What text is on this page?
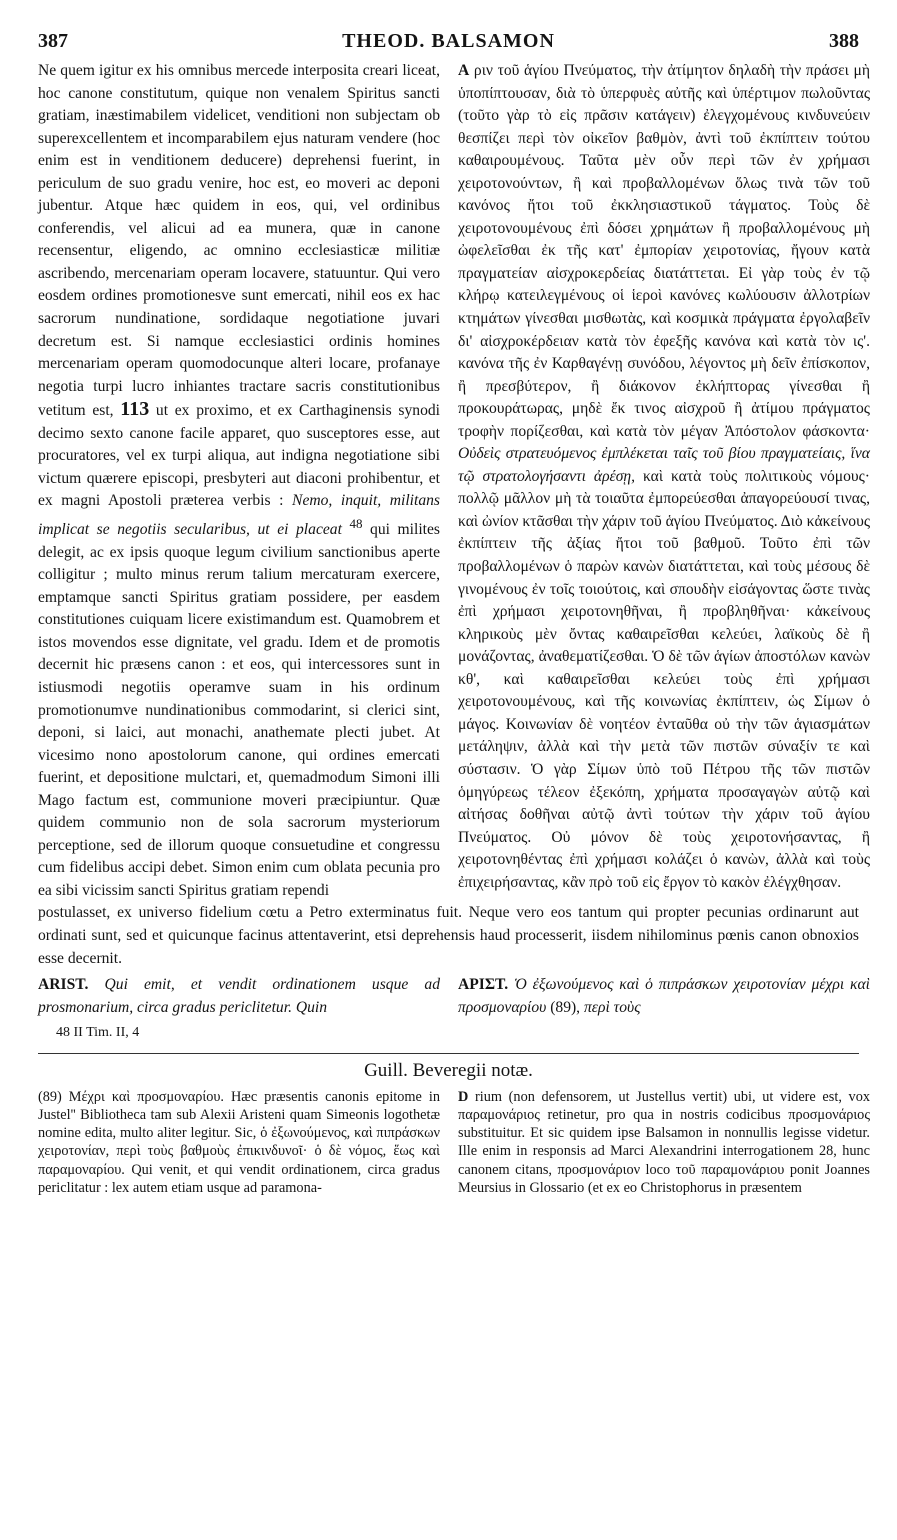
387	THEOD. BALSAMON	388

Ne quem igitur ex his omnibus mercede interposita creari liceat, hoc canone constitutum, quique non venalem Spiritus sancti gratiam, inæstimabilem videlicet, venditioni non subjectam ob superexcellentem et incomparabilem ejus naturam vendere (hoc enim est in venditionem deducere) deprehensi fuerint, in periculum de suo gradu venire, hoc est, eo moveri ac deponi jubentur. Atque hæc quidem in eos, qui, vel ordinibus conferendis, vel alicui ad ea munera, quæ in canone recensentur, eligendo, ac omnino ecclesiasticæ militiæ ascribendo, mercenariam operam locavere, statuuntur. Qui vero eosdem ordines promotionesve sunt emercati, nihil eos ex hac sacrorum nundinatione, sordidaque negotiatione juvari decretum est. Si namque ecclesiastici ordinis homines mercenariam operam quomodocunque alteri locare, profanaye negotia turpi lucro inhiantes tractare sacris constitutionibus vetitum est, 113 ut ex proximo, et ex Carthaginensis synodi decimo sexto canone facile apparet, quo susceptores esse, aut procuratores, vel ex turpi aliqua, aut indigna negotiatione sibi victum quærere episcopi, presbyteri aut diaconi prohibentur, et ex magni Apostoli præterea verbis : Nemo, inquit, militans implicat se negotiis secularibus, ut ei placeat $^{48}$ qui milites delegit, ac ex ipsis quoque legum civilium sanctionibus aperte colligitur ; multo minus rerum talium mercaturam exercere, emptamque sancti Spiritus gratiam possidere, per easdem constitutiones cuiquam licere existimandum est. Quamobrem et istos movendos esse dignitate, vel gradu. Idem et de promotis decernit hic præsens canon : et eos, qui intercessores sunt in istiusmodi negotiis operamve suam in his ordinum promotionumve nundinationibus commodarint, si clerici sint, deponi, si laici, aut monachi, anathemate plecti jubet. At vicesimo nono apostolorum canone, qui ordines emercati fuerint, et depositione mulctari, et, quemadmodum Simoni illi Mago factum est, communione moveri præcipiuntur. Quæ quidem communio non de sola sacrorum mysteriorum perceptione, sed de illorum quoque consuetudine et congressu cum fidelibus accipi debet. Simon enim cum oblata pecunia pro ea sibi vicissim sancti Spiritus gratiam rependi

A ριν τοῦ ἁγίου Πνεύματος, τὴν ἀτίμητον δηλαδὴ τὴν πράσει μὴ ὑποπίπτουσαν, διὰ τὸ ὑπερφυὲς αὐτῆς καὶ ὑπέρτιμον πωλοῦντας (τοῦτο γὰρ τὸ εἰς πρᾶσιν κατάγειν) ἐλεγχομένους κινδυνεύειν θεσπίζει περὶ τὸν οἰκεῖον βαθμὸν, ἀντὶ τοῦ ἐκπίπτειν τούτου καθαιρουμένους. Ταῦτα μὲν οὖν περὶ τῶν ἐν χρήμασι χειροτονούντων, ἢ καὶ προβαλλομένων ὅλως τινὰ τῶν τοῦ κανόνος ἤτοι τοῦ ἐκκλησιαστικοῦ τάγματος. Τοὺς δὲ χειροτονουμένους ἐπὶ δόσει χρημάτων ἢ προβαλλομένους μὴ ὠφελεῖσθαι ἐκ τῆς κατ' ἐμπορίαν χειροτονίας, ἤγουν κατὰ πραγματείαν αἰσχροκερδείας διατάττεται. Εἰ γὰρ τοὺς ἐν τῷ κλήρῳ κατειλεγμένους οἱ ἱεροὶ κανόνες κωλύουσιν ἀλλοτρίων κτημάτων γίνεσθαι μισθωτὰς, καὶ κοσμικὰ πράγματα ἐργολαβεῖν δι' αἰσχροκέρδειαν κατὰ τὸν ἐφεξῆς κανόνα καὶ κατὰ τὸν ις'. κανόνα τῆς ἐν Καρθαγένῃ συνόδου, λέγοντος μὴ δεῖν ἐπίσκοπον, ἢ πρεσβύτερον, ἢ διάκονον ἐκλήπτορας γίνεσθαι ἢ προκουράτωρας, μηδὲ ἔκ τινος αἰσχροῦ ἢ ἀτίμου πράγματος τροφὴν πορίζεσθαι, καὶ κατὰ τὸν μέγαν Ἀπόστολον φάσκοντα· Οὐδεὶς στρατευόμενος ἐμπλέκεται ταῖς τοῦ βίου πραγματείαις, ἵνα τῷ στρατολογήσαντι ἀρέσῃ, καὶ κατὰ τοὺς πολιτικοὺς νόμους· πολλῷ μᾶλλον μὴ τὰ τοιαῦτα ἐμπορεύεσθαι ἀπαγορεύουσί τινας, καὶ ὠνίον κτᾶσθαι τὴν χάριν τοῦ ἁγίου Πνεύματος. Διὸ κἀκείνους ἐκπίπτειν τῆς ἀξίας ἤτοι τοῦ βαθμοῦ. Τοῦτο ἐπὶ τῶν προβαλλομένων ὁ παρὼν κανὼν διατάττεται, καὶ τοὺς μέσους δὲ γινομένους ἐν τοῖς τοιούτοις, καὶ σπουδὴν εἰσάγοντας ὥστε τινὰς ἐπὶ χρήμασι χειροτονηθῆναι, ἢ προβληθῆναι· κἀκείνους κληρικοὺς μὲν ὄντας καθαιρεῖσθαι κελεύει, λαϊκοὺς δὲ ἢ μονάζοντας, ἀναθεματίζεσθαι. Ὁ δὲ τῶν ἁγίων ἀποστόλων κανὼν κθ', καὶ καθαιρεῖσθαι κελεύει τοὺς ἐπὶ χρήμασι χειροτονουμένους, καὶ τῆς κοινωνίας ἐκπίπτειν, ὡς Σίμων ὁ μάγος. Κοινωνίαν δὲ νοητέον ἐνταῦθα οὐ τὴν τῶν ἁγιασμάτων μετάληψιν, ἀλλὰ καὶ τὴν μετὰ τῶν πιστῶν σύναξίν τε καὶ σύστασιν. Ὁ γὰρ Σίμων ὑπὸ τοῦ Πέτρου τῆς τῶν πιστῶν ὁμηγύρεως τέλεον ἐξεκόπη, χρήματα προσαγαγὼν αὐτῷ καὶ αἰτήσας δοθῆναι αὐτῷ ἀντὶ τούτων τὴν χάριν τοῦ ἁγίου Πνεύματος. Οὐ μόνον δὲ τοὺς χειροτονήσαντας, ἢ χειροτονηθέντας ἐπὶ χρήμασι κολάζει ὁ κανὼν, ἀλλὰ καὶ τοὺς ἐπιχειρήσαντας, κἂν πρὸ τοῦ εἰς ἔργον τὸ κακὸν ἐλέγχθησαν.

postulasset, ex universo fidelium cœtu a Petro exterminatus fuit. Neque vero eos tantum qui propter pecunias ordinarunt aut ordinati sunt, sed et quicunque facinus attentaverint, etsi deprehensis haud processerit, iisdem nihilominus pœnis canon obnoxios esse decernit.

ARIST. Qui emit, et vendit ordinationem usque ad prosmonarium, circa gradus periclitetur. Quin
ΑΡΙΣΤ. Ὁ ἐξωνούμενος καὶ ὁ πιπράσκων χειροτονίαν μέχρι καὶ προσμοναρίου (89), περὶ τοὺς
48 II Tim. II, 4
Guill. Beveregii notæ.
(89) Μέχρι καὶ προσμοναρίου. Hæc præsentis canonis epitome in Justel'' Bibliotheca tam sub Alexii Aristeni quam Simeonis logothetæ nomine edita, multo aliter legitur. Sic, ὁ ἐξωνούμενος, καὶ πιπράσκων χειροτονίαν, περὶ τοὺς βαθμοὺς ἐπικινδυνοῖ· ὁ δὲ νόμος, ἕως καὶ παραμοναρίου. Qui venit, et qui vendit ordinationem, circa gradus periclitatur : lex autem etiam usque ad paramona-
D rium (non defensorem, ut Justellus vertit) ubi, ut videre est, vox παραμονάριος retinetur, pro qua in nostris codicibus προσμονάριος substituitur. Et sic quidem ipse Balsamon in nonnullis legisse videtur. Ille enim in responsis ad Marci Alexandrini interrogationem 28, hunc canonem citans, προσμονάριον loco τοῦ παραμονάριου ponit Joannes Meursius in Glossario (et ex eo Christophorus in præsentem
